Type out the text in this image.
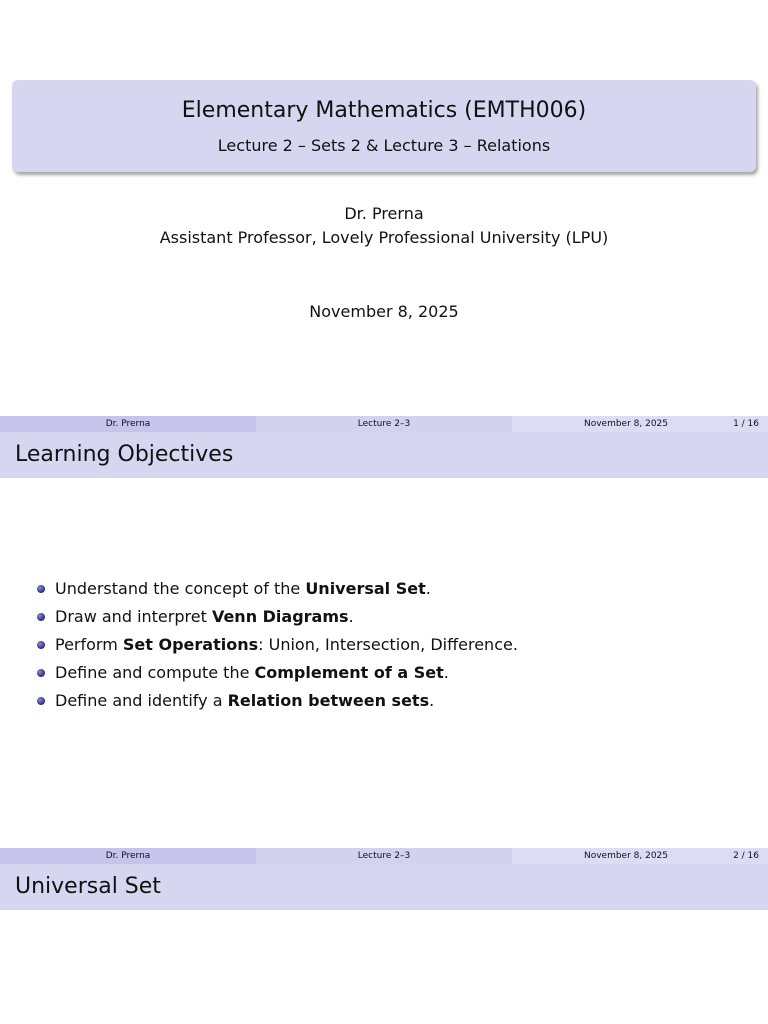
Elementary Mathematics (EMTH006)
Lecture 2 – Sets 2 & Lecture 3 – Relations
Dr. Prerna
Assistant Professor, Lovely Professional University (LPU)
November 8, 2025
Dr. Prerna	Lecture 2–3	November 8, 2025	1 / 16
Learning Objectives
Understand the concept of the Universal Set.
Draw and interpret Venn Diagrams.
Perform Set Operations: Union, Intersection, Difference.
Define and compute the Complement of a Set.
Define and identify a Relation between sets.
Dr. Prerna	Lecture 2–3	November 8, 2025	2 / 16
Universal Set
